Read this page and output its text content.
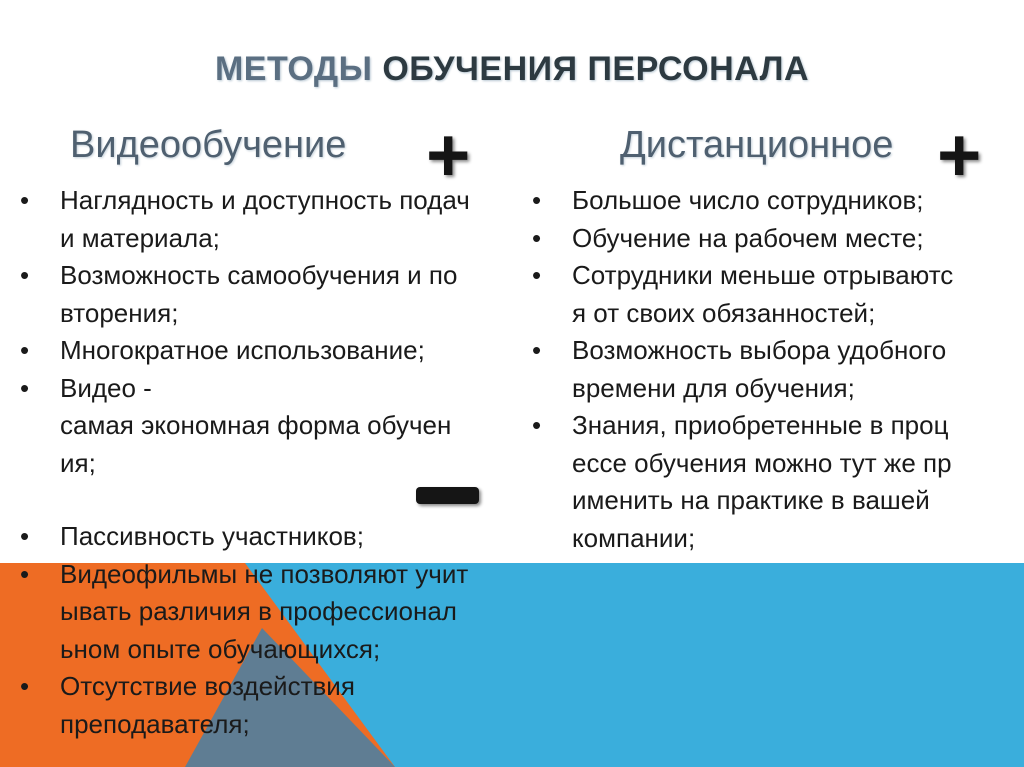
МЕТОДЫ ОБУЧЕНИЯ ПЕРСОНАЛА
Видеообучение +	Дистанционное +
• Наглядность и доступность подач
и материала;
• Возможность самообучения и по
вторения;
• Многократное использование;
• Видео -
самая экономная форма обучен
ия;
• Пассивность участников;
• Видеофильмы не позволяют учит
ывать различия в профессионал
ьном опыте обучающихся;
• Отсутствие воздействия
преподавателя;
• Большое число сотрудников;
• Обучение на рабочем месте;
• Сотрудники меньше отрываютс
я от своих обязанностей;
• Возможность выбора удобного
времени для обучения;
• Знания, приобретенные в проц
ессе обучения можно тут же пр
именить на практике в вашей
компании;
